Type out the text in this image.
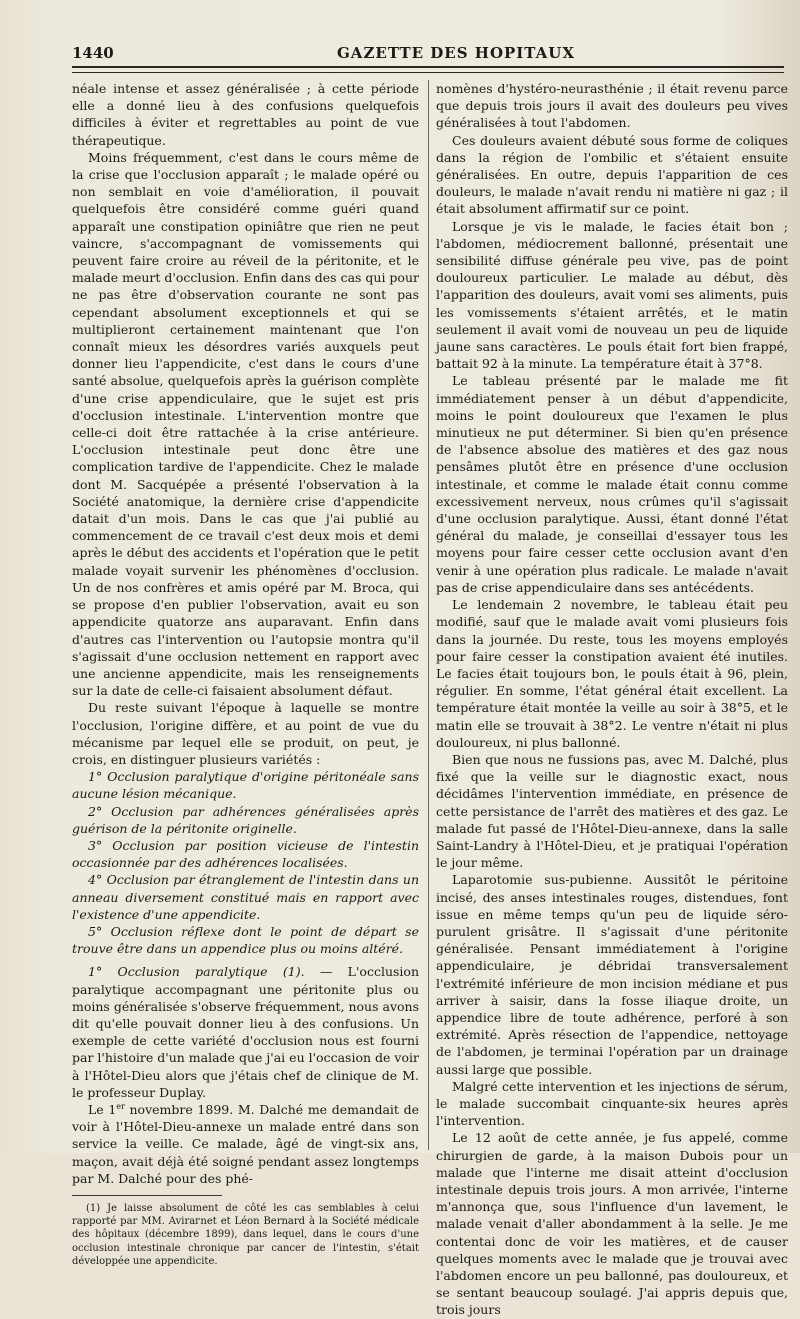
1440	GAZETTE DES HOPITAUX

néale intense et assez généralisée ; à cette période elle a donné lieu à des confusions quelquefois difficiles à éviter et regrettables au point de vue thérapeutique.

Moins fréquemment, c'est dans le cours même de la crise que l'occlusion apparaît ; le malade opéré ou non semblait en voie d'amélioration, il pouvait quelquefois être considéré comme guéri quand apparaît une constipation opiniâtre que rien ne peut vaincre, s'accompagnant de vomissements qui peuvent faire croire au réveil de la péritonite, et le malade meurt d'occlusion. Enfin dans des cas qui pour ne pas être d'observation courante ne sont pas cependant absolument exceptionnels et qui se multiplieront certainement maintenant que l'on connaît mieux les désordres variés auxquels peut donner lieu l'appendicite, c'est dans le cours d'une santé absolue, quelquefois après la guérison complète d'une crise appendiculaire, que le sujet est pris d'occlusion intestinale. L'intervention montre que celle-ci doit être rattachée à la crise antérieure. L'occlusion intestinale peut donc être une complication tardive de l'appendicite. Chez le malade dont M. Sacquépée a présenté l'observation à la Société anatomique, la dernière crise d'appendicite datait d'un mois. Dans le cas que j'ai publié au commencement de ce travail c'est deux mois et demi après le début des accidents et l'opération que le petit malade voyait survenir les phénomènes d'occlusion. Un de nos confrères et amis opéré par M. Broca, qui se propose d'en publier l'observation, avait eu son appendicite quatorze ans auparavant. Enfin dans d'autres cas l'intervention ou l'autopsie montra qu'il s'agissait d'une occlusion nettement en rapport avec une ancienne appendicite, mais les renseignements sur la date de celle-ci faisaient absolument défaut.

Du reste suivant l'époque à laquelle se montre l'occlusion, l'origine diffère, et au point de vue du mécanisme par lequel elle se produit, on peut, je crois, en distinguer plusieurs variétés :

1° Occlusion paralytique d'origine péritonéale sans aucune lésion mécanique.

2° Occlusion par adhérences généralisées après guérison de la péritonite originelle.

3° Occlusion par position vicieuse de l'intestin occasionnée par des adhérences localisées.

4° Occlusion par étranglement de l'intestin dans un anneau diversement constitué mais en rapport avec l'existence d'une appendicite.

5° Occlusion réflexe dont le point de départ se trouve être dans un appendice plus ou moins altéré.

1° Occlusion paralytique (1). — L'occlusion paralytique accompagnant une péritonite plus ou moins généralisée s'observe fréquemment, nous avons dit qu'elle pouvait donner lieu à des confusions. Un exemple de cette variété d'occlusion nous est fourni par l'histoire d'un malade que j'ai eu l'occasion de voir à l'Hôtel-Dieu alors que j'étais chef de clinique de M. le professeur Duplay.

Le 1er novembre 1899. M. Dalché me demandait de voir à l'Hôtel-Dieu-annexe un malade entré dans son service la veille. Ce malade, âgé de vingt-six ans, maçon, avait déjà été soigné pendant assez longtemps par M. Dalché pour des phé-

(1) Je laisse absolument de côté les cas semblables à celui rapporté par MM. Avirагnet et Léon Bernard à la Société médicale des hôpitaux (décembre 1899), dans lequel, dans le cours d'une occlusion intestinale chronique par cancer de l'intestin, s'était développée une appendicite.

nomènes d'hystéro-neurasthénie ; il était revenu parce que depuis trois jours il avait des douleurs peu vives généralisées à tout l'abdomen.

Ces douleurs avaient débuté sous forme de coliques dans la région de l'ombilic et s'étaient ensuite généralisées. En outre, depuis l'apparition de ces douleurs, le malade n'avait rendu ni matière ni gaz ; il était absolument affirmatif sur ce point.

Lorsque je vis le malade, le facies était bon ; l'abdomen, médiocrement ballonné, présentait une sensibilité diffuse générale peu vive, pas de point douloureux particulier. Le malade au début, dès l'apparition des douleurs, avait vomi ses aliments, puis les vomissements s'étaient arrêtés, et le matin seulement il avait vomi de nouveau un peu de liquide jaune sans caractères. Le pouls était fort bien frappé, battait 92 à la minute. La température était à 37°8.

Le tableau présenté par le malade me fit immédiatement penser à un début d'appendicite, moins le point douloureux que l'examen le plus minutieux ne put déterminer. Si bien qu'en présence de l'absence absolue des matières et des gaz nous pensâmes plutôt être en présence d'une occlusion intestinale, et comme le malade était connu comme excessivement nerveux, nous crûmes qu'il s'agissait d'une occlusion paralytique. Aussi, étant donné l'état général du malade, je conseillai d'essayer tous les moyens pour faire cesser cette occlusion avant d'en venir à une opération plus radicale. Le malade n'avait pas de crise appendiculaire dans ses antécédents.

Le lendemain 2 novembre, le tableau était peu modifié, sauf que le malade avait vomi plusieurs fois dans la journée. Du reste, tous les moyens employés pour faire cesser la constipation avaient été inutiles. Le facies était toujours bon, le pouls était à 96, plein, régulier. En somme, l'état général était excellent. La température était montée la veille au soir à 38°5, et le matin elle se trouvait à 38°2. Le ventre n'était ni plus douloureux, ni plus ballonné.

Bien que nous ne fussions pas, avec M. Dalché, plus fixé que la veille sur le diagnostic exact, nous décidâmes l'intervention immédiate, en présence de cette persistance de l'arrêt des matières et des gaz. Le malade fut passé de l'Hôtel-Dieu-annexe, dans la salle Saint-Landry à l'Hôtel-Dieu, et je pratiquai l'opération le jour même.

Laparotomie sus-pubienne. Aussitôt le péritoine incisé, des anses intestinales rouges, distendues, font issue en même temps qu'un peu de liquide séro-purulent grisâtre. Il s'agissait d'une péritonite généralisée. Pensant immédiatement à l'origine appendiculaire, je débridai transversalement l'extrémité inférieure de mon incision médiane et pus arriver à saisir, dans la fosse iliaque droite, un appendice libre de toute adhérence, perforé à son extrémité. Après résection de l'appendice, nettoyage de l'abdomen, je terminai l'opération par un drainage aussi large que possible.

Malgré cette intervention et les injections de sérum, le malade succombait cinquante-six heures après l'intervention.

Le 12 août de cette année, je fus appelé, comme chirurgien de garde, à la maison Dubois pour un malade que l'interne me disait atteint d'occlusion intestinale depuis trois jours. A mon arrivée, l'interne m'annonça que, sous l'influence d'un lavement, le malade venait d'aller abondamment à la selle. Je me contentai donc de voir les matières, et de causer quelques moments avec le malade que je trouvai avec l'abdomen encore un peu ballonné, pas douloureux, et se sentant beaucoup soulagé. J'ai appris depuis que, trois jours
